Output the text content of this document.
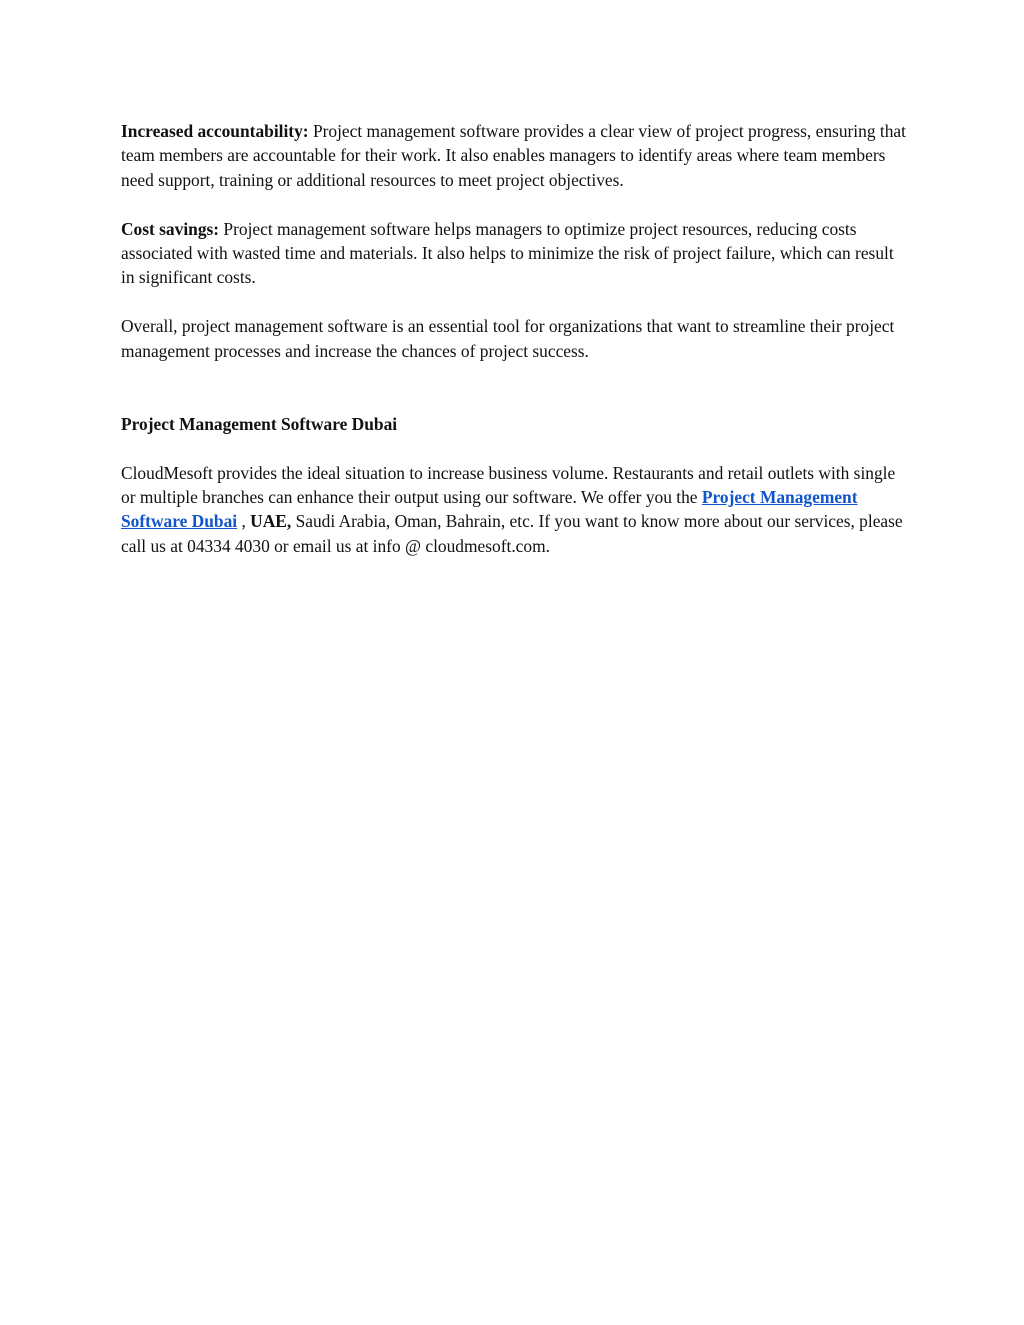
Increased accountability: Project management software provides a clear view of project progress, ensuring that team members are accountable for their work. It also enables managers to identify areas where team members need support, training or additional resources to meet project objectives.

Cost savings: Project management software helps managers to optimize project resources, reducing costs associated with wasted time and materials. It also helps to minimize the risk of project failure, which can result in significant costs.

Overall, project management software is an essential tool for organizations that want to streamline their project management processes and increase the chances of project success.

Project Management Software Dubai

CloudMesoft provides the ideal situation to increase business volume. Restaurants and retail outlets with single or multiple branches can enhance their output using our software. We offer you the Project Management Software Dubai , UAE, Saudi Arabia, Oman, Bahrain, etc. If you want to know more about our services, please call us at 04334 4030 or email us at info @ cloudmesoft.com.
